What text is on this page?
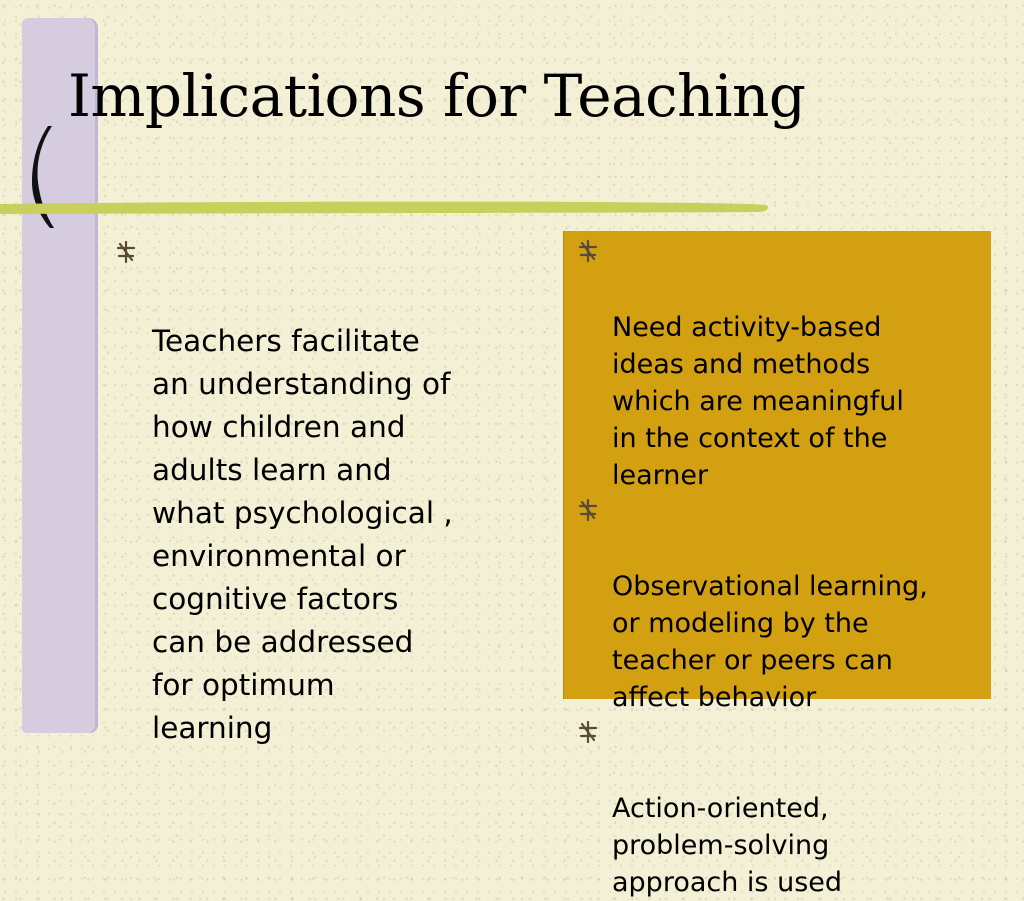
Implications for Teaching

Teachers facilitate
an understanding of
how children and
adults learn and
what psychological ,
environmental or
cognitive factors
can be addressed
for optimum
learning

Need activity-based
ideas and methods
which are meaningful
in the context of the
learner

Observational learning,
or modeling by the
teacher or peers can
affect behavior

Action-oriented,
problem-solving
approach is used
